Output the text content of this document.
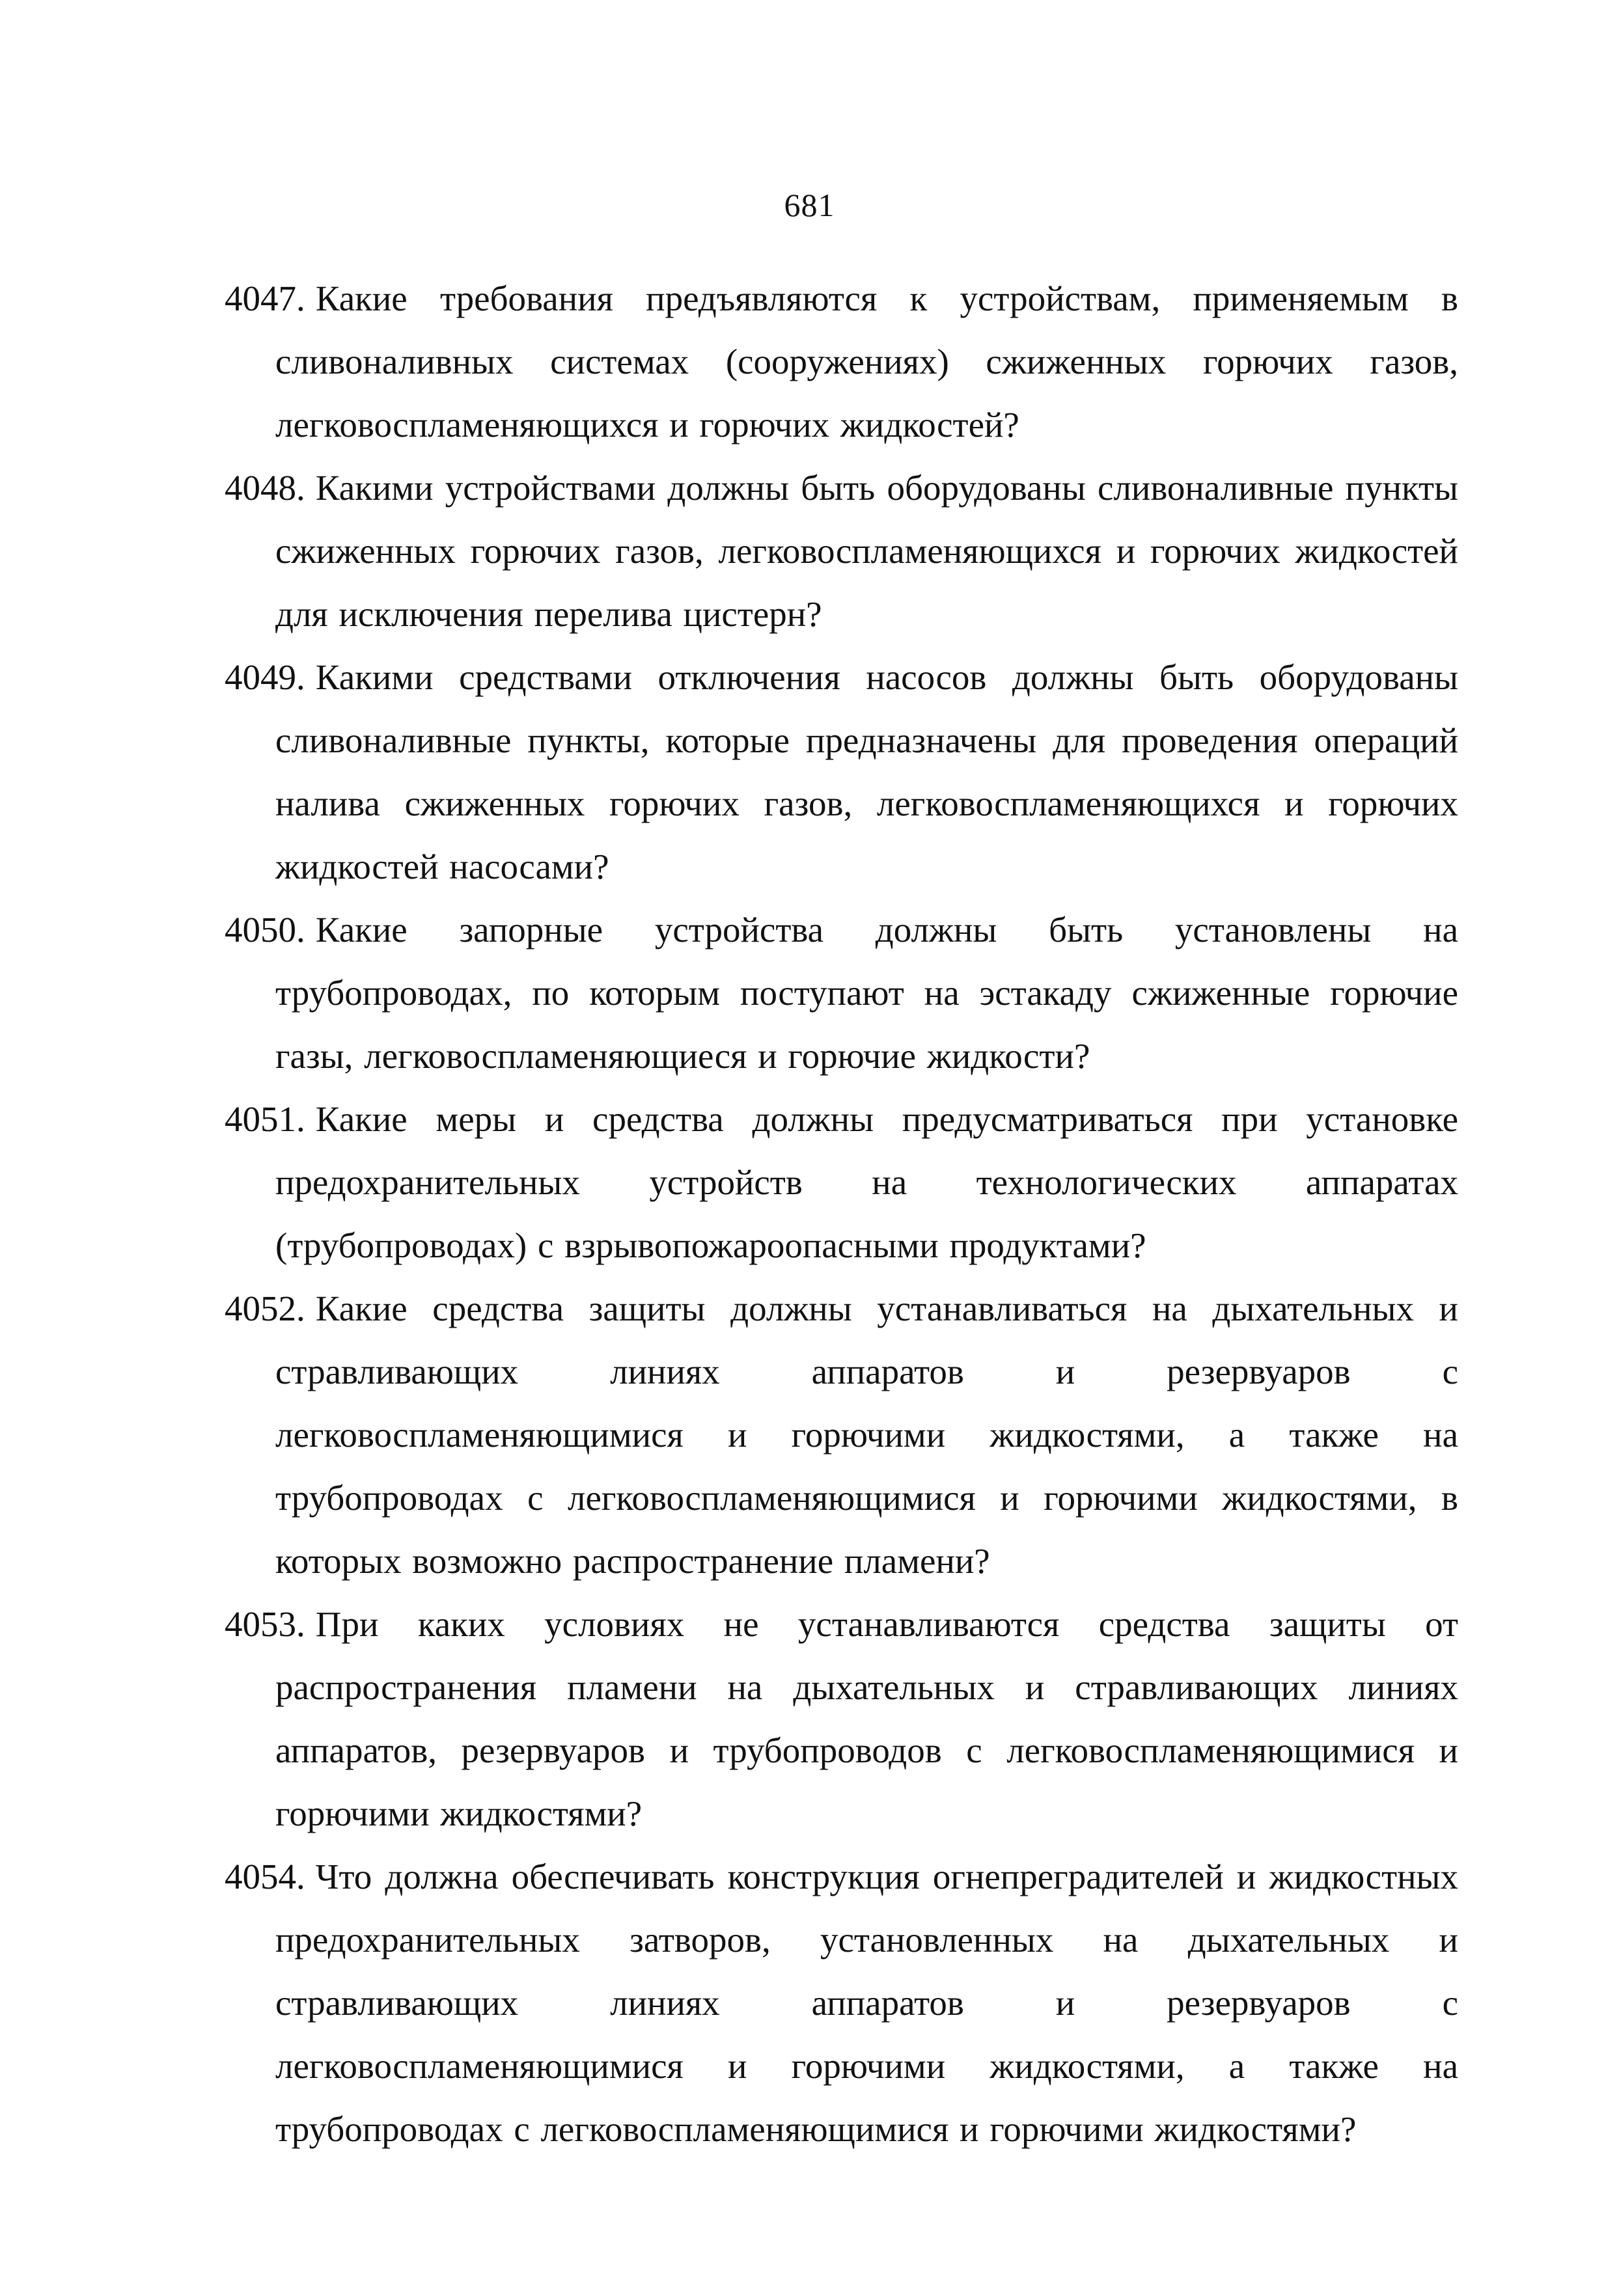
681

4047. Какие требования предъявляются к устройствам, применяемым в сливоналивных системах (сооружениях) сжиженных горючих газов, легковоспламеняющихся и горючих жидкостей?

4048. Какими устройствами должны быть оборудованы сливоналивные пункты сжиженных горючих газов, легковоспламеняющихся и горючих жидкостей для исключения перелива цистерн?

4049. Какими средствами отключения насосов должны быть оборудованы сливоналивные пункты, которые предназначены для проведения операций налива сжиженных горючих газов, легковоспламеняющихся и горючих жидкостей насосами?

4050. Какие запорные устройства должны быть установлены на трубопроводах, по которым поступают на эстакаду сжиженные горючие газы, легковоспламеняющиеся и горючие жидкости?

4051. Какие меры и средства должны предусматриваться при установке предохранительных устройств на технологических аппаратах (трубопроводах) с взрывопожароопасными продуктами?

4052. Какие средства защиты должны устанавливаться на дыхательных и стравливающих линиях аппаратов и резервуаров с легковоспламеняющимися и горючими жидкостями, а также на трубопроводах с легковоспламеняющимися и горючими жидкостями, в которых возможно распространение пламени?

4053. При каких условиях не устанавливаются средства защиты от распространения пламени на дыхательных и стравливающих линиях аппаратов, резервуаров и трубопроводов с легковоспламеняющимися и горючими жидкостями?

4054. Что должна обеспечивать конструкция огнепреградителей и жидкостных предохранительных затворов, установленных на дыхательных и стравливающих линиях аппаратов и резервуаров с легковоспламеняющимися и горючими жидкостями, а также на трубопроводах с легковоспламеняющимися и горючими жидкостями?
